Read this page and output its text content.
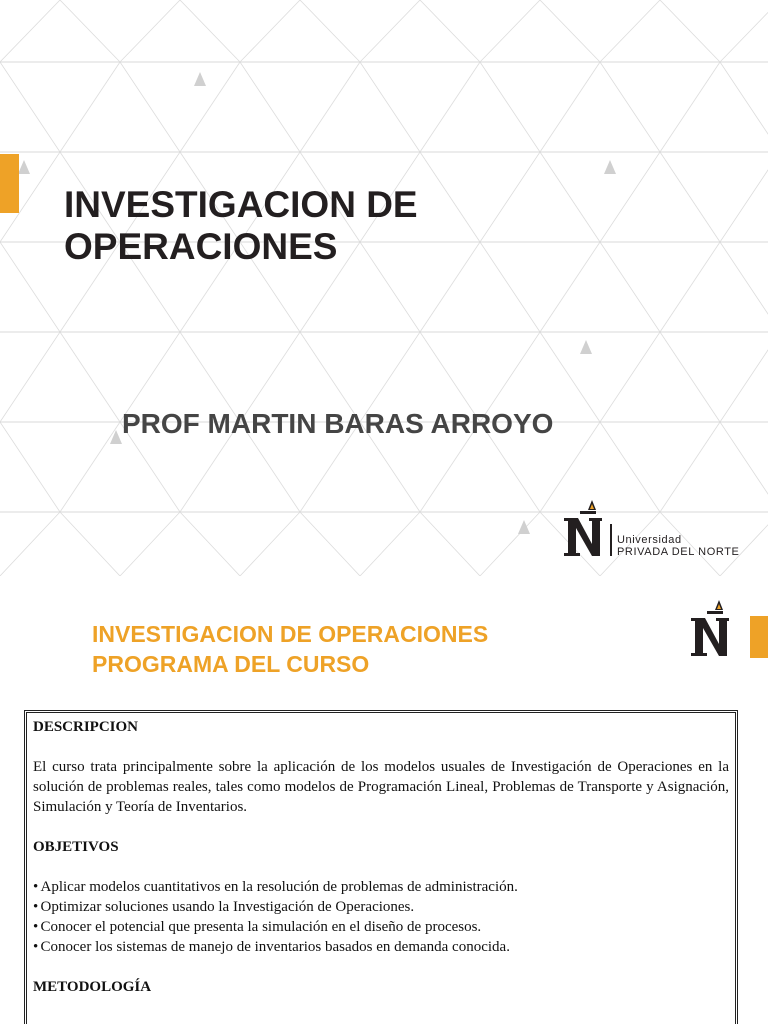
INVESTIGACION DE
OPERACIONES

PROF MARTIN BARAS ARROYO

Universidad
PRIVADA DEL NORTE
INVESTIGACION DE OPERACIONES
PROGRAMA DEL CURSO

DESCRIPCION

El curso trata principalmente sobre la aplicación de los modelos usuales de Investigación de Operaciones en la solución de problemas reales, tales como modelos de Programación Lineal, Problemas de Transporte y Asignación, Simulación y Teoría de Inventarios.

OBJETIVOS

• Aplicar modelos cuantitativos en la resolución de problemas de administración.
• Optimizar soluciones usando la Investigación de Operaciones.
• Conocer el potencial que presenta la simulación en el diseño de procesos.
• Conocer los sistemas de manejo de inventarios basados en demanda conocida.

METODOLOGÍA
